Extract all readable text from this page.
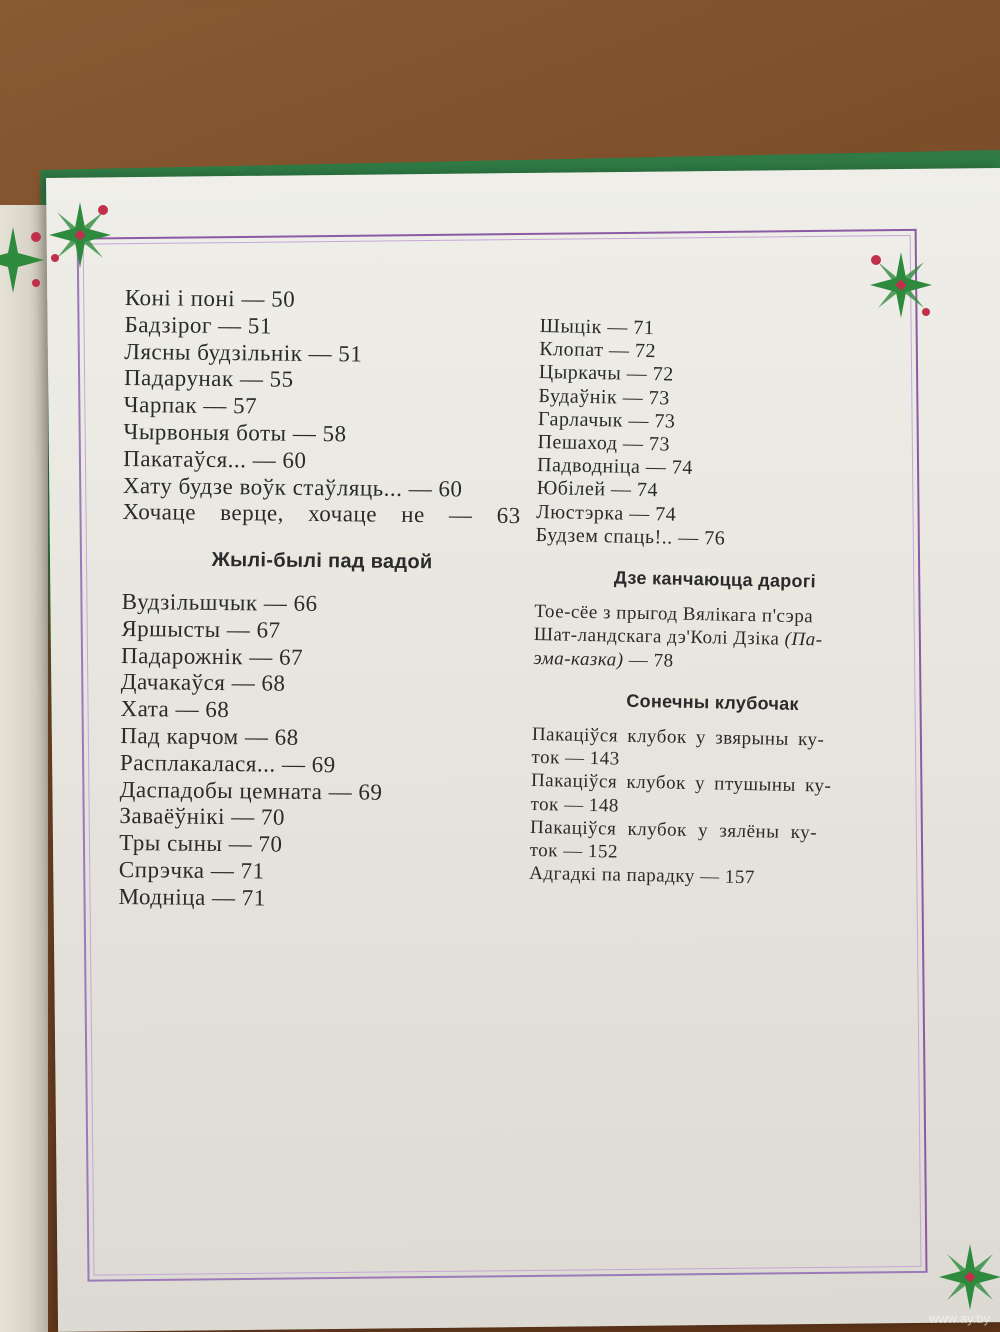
Коні і поні — 50
Бадзірог — 51
Лясны будзільнік — 51
Падарунак — 55
Чарпак — 57
Чырвоныя боты — 58
Пакатаўся... — 60
Хату будзе воўк стаўляць... — 60
Хочаце верце, хочаце не — 63
Жылі-былі пад вадой
Вудзільшчык — 66
Яршысты — 67
Падарожнік — 67
Дачакаўся — 68
Хата — 68
Пад карчом — 68
Расплакалася... — 69
Даспадобы цемната — 69
Заваёўнікі — 70
Тры сыны — 70
Спрэчка — 71
Модніца — 71
Шыцік — 71
Клопат — 72
Цыркачы — 72
Будаўнік — 73
Гарлачык — 73
Пешаход — 73
Падводніца — 74
Юбілей — 74
Люстэрка — 74
Будзем спаць!.. — 76
Дзе канчаюцца дарогі
Тое-сёе з прыгод Вялікага п'сэра
Шат-ландскага дэ'Колі Дзіка (Па-
эма-казка) — 78
Сонечны клубочак
Пакаціўся клубок у звярыны ку-
ток — 143
Пакаціўся клубок у птушыны ку-
ток — 148
Пакаціўся клубок у зялёны ку-
ток — 152
Адгадкі па парадку — 157
www.ay.by
